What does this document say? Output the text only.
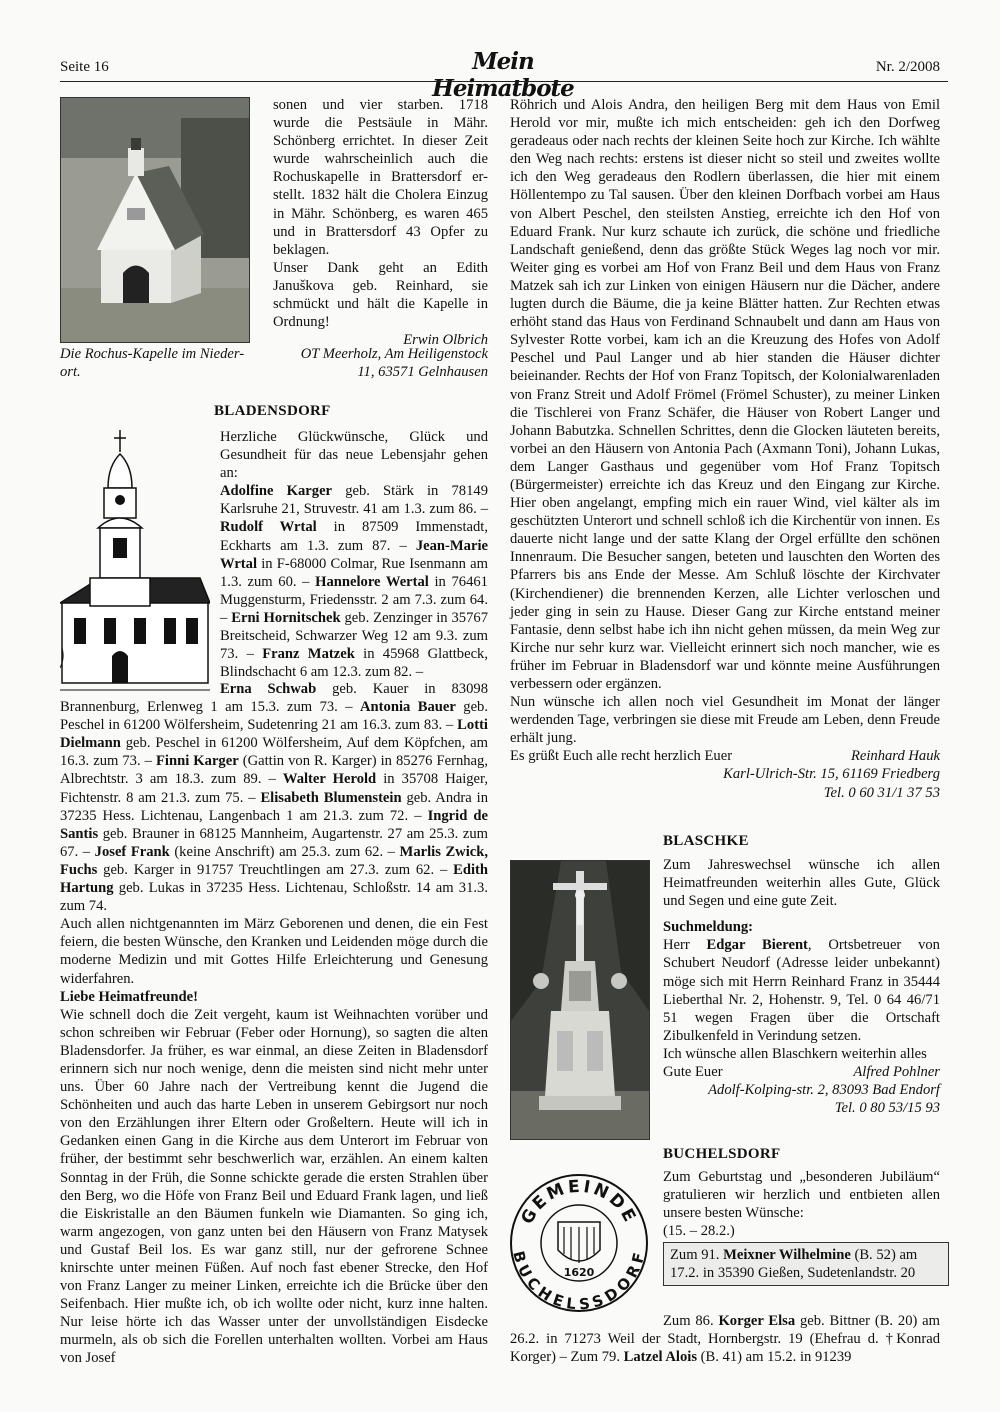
Seite 16	Mein Heimatbote
Nr. 2/2008
Die Rochus-Kapelle im Nieder-ort.

sonen und vier starben. 1718

wurde die Pestsäule in Mähr.

Schönberg errichtet. In dieser Zeit

wurde wahrscheinlich auch die

Rochuskapelle in Brattersdorf er-

stellt. 1832 hält die Cholera Einzug

in Mähr. Schönberg, es waren 465

und in Brattersdorf 43 Opfer zu

beklagen.

Unser Dank geht an Edith

Januškova geb. Reinhard, sie

schmückt und hält die Kapelle in

Ordnung!

Erwin Olbrich

OT Meerholz, Am Heiligenstock

11, 63571 Gelnhausen

BLADENSDORF

Herzliche Glückwünsche, Glück und Gesundheit für das neue Lebensjahr gehen an:

Adolfine Karger geb. Stärk in 78149 Karlsruhe 21, Struvestr. 41 am 1.3. zum 86. – Rudolf Wrtal in 87509 Immenstadt, Eckharts am 1.3. zum 87. – Jean-Marie Wrtal in F-68000 Colmar, Rue Isenmann am 1.3. zum 60. – Hannelore Wertal in 76461 Muggensturm, Friedensstr. 2 am 7.3. zum 64. – Erni Hornitschek geb. Zenzinger in 35767 Breitscheid, Schwarzer Weg 12 am 9.3. zum 73. – Franz Matzek in 45968 Glattbeck, Blindschacht 6 am 12.3. zum 82. –

Erna Schwab geb. Kauer in 83098 Brannenburg, Erlenweg 1 am 15.3. zum 73. – Antonia Bauer geb. Peschel in 61200 Wölfersheim, Sudetenring 21 am 16.3. zum 83. – Lotti Dielmann geb. Peschel in 61200 Wölfersheim, Auf dem Köpfchen, am 16.3. zum 73. – Finni Karger (Gattin von R. Karger) in 85276 Fernhag, Albrechtstr. 3 am 18.3. zum 89. – Walter Herold in 35708 Haiger, Fichtenstr. 8 am 21.3. zum 75. – Elisabeth Blumenstein geb. Andra in 37235 Hess. Lichtenau, Langenbach 1 am 21.3. zum 72. – Ingrid de Santis geb. Brauner in 68125 Mannheim, Augartenstr. 27 am 25.3. zum 67. – Josef Frank (keine Anschrift) am 25.3. zum 62. – Marlis Zwick, Fuchs geb. Karger in 91757 Treuchtlingen am 27.3. zum 62. – Edith Hartung geb. Lukas in 37235 Hess. Lichtenau, Schloßstr. 14 am 31.3. zum 74.

Auch allen nichtgenannten im März Geborenen und denen, die ein Fest feiern, die besten Wünsche, den Kranken und Leidenden möge durch die moderne Medizin und mit Gottes Hilfe Erleichterung und Genesung widerfahren.

Liebe Heimatfreunde!

Wie schnell doch die Zeit vergeht, kaum ist Weihnachten vorüber und schon schreiben wir Februar (Feber oder Hornung), so sagten die alten Bladensdorfer. Ja früher, es war einmal, an diese Zeiten in Bladensdorf erinnern sich nur noch wenige, denn die meisten sind nicht mehr unter uns. Über 60 Jahre nach der Vertreibung kennt die Jugend die Schönheiten und auch das harte Leben in unserem Gebirgsort nur noch von den Erzählungen ihrer Eltern oder Großeltern. Heute will ich in Gedanken einen Gang in die Kirche aus dem Unterort im Februar von früher, der bestimmt sehr beschwerlich war, erzählen. An einem kalten Sonntag in der Früh, die Sonne schickte gerade die ersten Strahlen über den Berg, wo die Höfe von Franz Beil und Eduard Frank lagen, und ließ die Eiskristalle an den Bäumen funkeln wie Diamanten. So ging ich, warm angezogen, von ganz unten bei den Häusern von Franz Matysek und Gustaf Beil los. Es war ganz still, nur der gefrorene Schnee knirschte unter meinen Füßen. Auf noch fast ebener Strecke, den Hof von Franz Langer zu meiner Linken, erreichte ich die Brücke über den Seifenbach. Hier mußte ich, ob ich wollte oder nicht, kurz inne halten. Nur leise hörte ich das Wasser unter der unvollständigen Eisdecke murmeln, als ob sich die Forellen unterhalten wollten. Vorbei am Haus von Josef

Röhrich und Alois Andra, den heiligen Berg mit dem Haus von Emil Herold vor mir, mußte ich mich entscheiden: geh ich den Dorfweg geradeaus oder nach rechts der kleinen Seite hoch zur Kirche. Ich wählte den Weg nach rechts: erstens ist dieser nicht so steil und zweites wollte ich den Weg geradeaus den Rodlern überlassen, die hier mit einem Höllentempo zu Tal sausen. Über den kleinen Dorfbach vorbei am Haus von Albert Peschel, den steilsten Anstieg, erreichte ich den Hof von Eduard Frank. Nur kurz schaute ich zurück, die schöne und friedliche Landschaft genießend, denn das größte Stück Weges lag noch vor mir. Weiter ging es vorbei am Hof von Franz Beil und dem Haus von Franz Matzek sah ich zur Linken von einigen Häusern nur die Dächer, andere lugten durch die Bäume, die ja keine Blätter hatten. Zur Rechten etwas erhöht stand das Haus von Ferdinand Schnaubelt und dann am Haus von Sylvester Rotte vorbei, kam ich an die Kreuzung des Hofes von Adolf Peschel und Paul Langer und ab hier standen die Häuser dichter beieinander. Rechts der Hof von Franz Topitsch, der Kolonialwarenladen von Franz Streit und Adolf Frömel (Frömel Schuster), zu meiner Linken die Tischlerei von Franz Schäfer, die Häuser von Robert Langer und Johann Babutzka. Schnellen Schrittes, denn die Glocken läuteten bereits, vorbei an den Häusern von Antonia Pach (Axmann Toni), Johann Lukas, dem Langer Gasthaus und gegenüber vom Hof Franz Topitsch (Bürgermeister) erreichte ich das Kreuz und den Eingang zur Kirche. Hier oben angelangt, empfing mich ein rauer Wind, viel kälter als im geschützten Unterort und schnell schloß ich die Kirchentür von innen. Es dauerte nicht lange und der satte Klang der Orgel erfüllte den schönen Innenraum. Die Besucher sangen, beteten und lauschten den Worten des Pfarrers bis ans Ende der Messe. Am Schluß löschte der Kirchvater (Kirchendiener) die brennenden Kerzen, alle Lichter verloschen und jeder ging in sein zu Hause. Dieser Gang zur Kirche entstand meiner Fantasie, denn selbst habe ich ihn nicht gehen müssen, da mein Weg zur Kirche nur sehr kurz war. Vielleicht erinnert sich noch mancher, wie es früher im Februar in Bladensdorf war und könnte meine Ausführungen verbessern oder ergänzen.

Nun wünsche ich allen noch viel Gesundheit im Monat der länger werdenden Tage, verbringen sie diese mit Freude am Leben, denn Freude erhält jung.

Es grüßt Euch alle recht herzlich Euer	Reinhard Hauk

Karl-Ulrich-Str. 15, 61169 Friedberg

Tel. 0 60 31/1 37 53

BLASCHKE

Zum Jahreswechsel wünsche ich allen Heimatfreunden weiterhin alles Gute, Glück und Segen und eine gute Zeit.

Suchmeldung:

Herr Edgar Bierent, Ortsbetreuer von Schubert Neudorf (Adresse leider unbekannt) möge sich mit Herrn Reinhard Franz in 35444 Lieberthal Nr. 2, Hohenstr. 9, Tel. 0 64 46/71 51 wegen Fragen über die Ortschaft Zibulkenfeld in Verindung setzen.

Ich wünsche allen Blaschkern weiterhin alles

Gute Euer	Alfred Pohlner

Adolf-Kolping-str. 2, 83093 Bad Endorf

Tel. 0 80 53/15 93

BUCHELSDORF
GEMEINDE
BUCHELSSDORF
1620

Zum Geburtstag und „besonderen Jubiläum“ gratulieren wir herzlich und entbieten allen unsere besten Wünsche:

(15. – 28.2.)

Zum 91. Meixner Wilhelmine (B. 52) am 17.2. in 35390 Gießen, Sudetenlandstr. 20

Zum 86. Korger Elsa geb. Bittner (B. 20) am 26.2. in 71273 Weil der Stadt, Hornbergstr. 19 (Ehefrau d. †Konrad Korger) – Zum 79. Latzel Alois (B. 41) am 15.2. in 91239
